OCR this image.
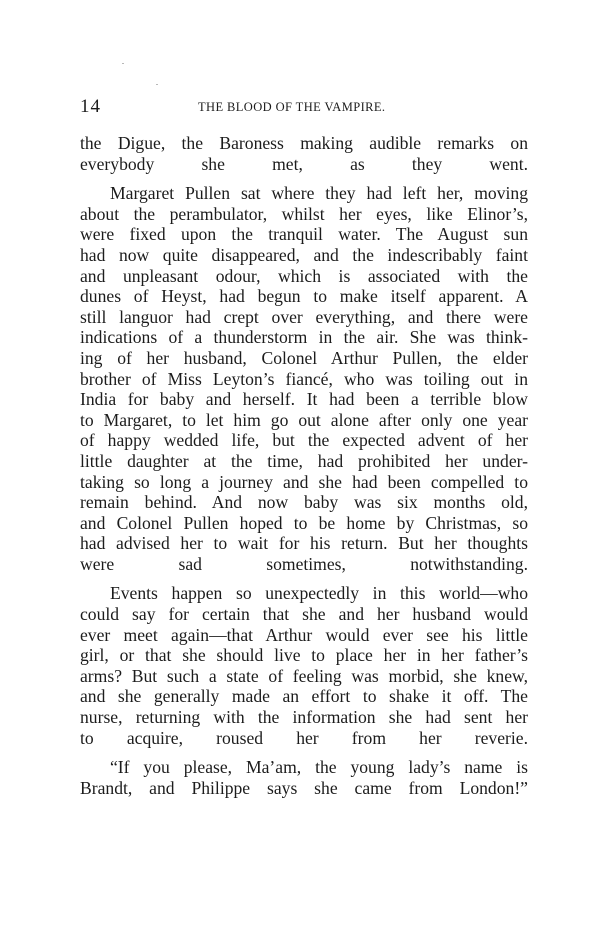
14	THE BLOOD OF THE VAMPIRE.

the Digue, the Baroness making audible remarks on
everybody she met, as they went.

Margaret Pullen sat where they had left her, moving
about the perambulator, whilst her eyes, like Elinor’s,
were fixed upon the tranquil water. The August sun
had now quite disappeared, and the indescribably faint
and unpleasant odour, which is associated with the
dunes of Heyst, had begun to make itself apparent. A
still languor had crept over everything, and there were
indications of a thunderstorm in the air. She was think-
ing of her husband, Colonel Arthur Pullen, the elder
brother of Miss Leyton’s fiancé, who was toiling out in
India for baby and herself. It had been a terrible blow
to Margaret, to let him go out alone after only one year
of happy wedded life, but the expected advent of her
little daughter at the time, had prohibited her under-
taking so long a journey and she had been compelled to
remain behind. And now baby was six months old,
and Colonel Pullen hoped to be home by Christmas, so
had advised her to wait for his return. But her thoughts
were sad sometimes, notwithstanding.

Events happen so unexpectedly in this world—who
could say for certain that she and her husband would
ever meet again—that Arthur would ever see his little
girl, or that she should live to place her in her father’s
arms? But such a state of feeling was morbid, she knew,
and she generally made an effort to shake it off. The
nurse, returning with the information she had sent her
to acquire, roused her from her reverie.

“If you please, Ma’am, the young lady’s name is
Brandt, and Philippe says she came from London!”
